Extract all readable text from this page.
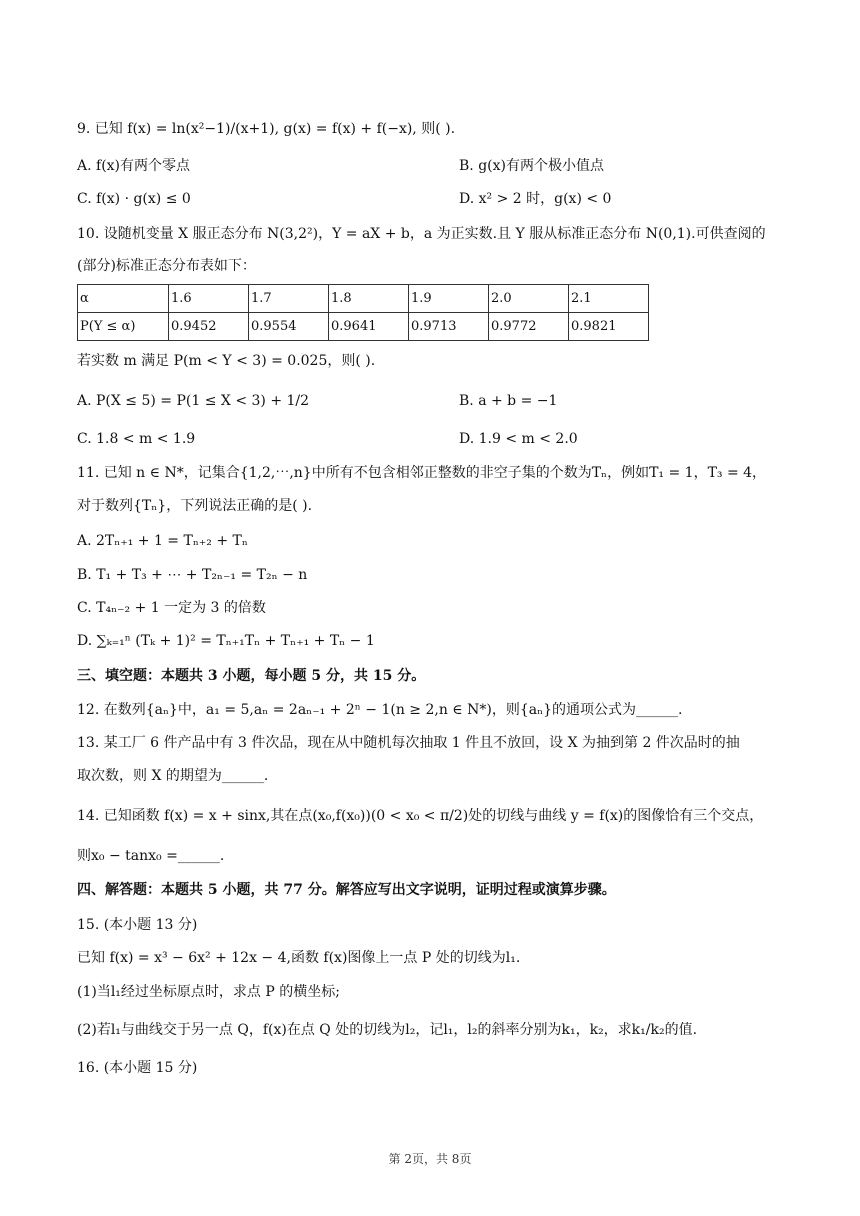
9. 已知 f(x) = ln(x²−1)/(x+1), g(x) = f(x) + f(−x), 则( ).
A. f(x)有两个零点	B. g(x)有两个极小值点
C. f(x) · g(x) ≤ 0	D. x² > 2 时，g(x) < 0
10. 设随机变量 X 服正态分布 N(3,2²)，Y = aX + b，a 为正实数.且 Y 服从标准正态分布 N(0,1).可供查阅的
(部分)标准正态分布表如下：
α	1.6	1.7	1.8	1.9	2.0	2.1
P(Y ≤ α)	0.9452	0.9554	0.9641	0.9713	0.9772	0.9821
若实数 m 满足 P(m < Y < 3) = 0.025，则( ).
A. P(X ≤ 5) = P(1 ≤ X < 3) + 1/2	B. a + b = −1
C. 1.8 < m < 1.9	D. 1.9 < m < 2.0
11. 已知 n ∈ N*，记集合{1,2,⋯,n}中所有不包含相邻正整数的非空子集的个数为Tₙ，例如T₁ = 1，T₃ = 4，
对于数列{Tₙ}，下列说法正确的是( ).
A. 2Tₙ₊₁ + 1 = Tₙ₊₂ + Tₙ
B. T₁ + T₃ + ⋯ + T₂ₙ₋₁ = T₂ₙ − n
C. T₄ₙ₋₂ + 1 一定为 3 的倍数
D. ∑ₖ₌₁ⁿ (Tₖ + 1)² = Tₙ₊₁Tₙ + Tₙ₊₁ + Tₙ − 1
三、填空题：本题共 3 小题，每小题 5 分，共 15 分。
12. 在数列{aₙ}中，a₁ = 5,aₙ = 2aₙ₋₁ + 2ⁿ − 1(n ≥ 2,n ∈ N*)，则{aₙ}的通项公式为______.
13. 某工厂 6 件产品中有 3 件次品，现在从中随机每次抽取 1 件且不放回，设 X 为抽到第 2 件次品时的抽
取次数，则 X 的期望为______.
14. 已知函数 f(x) = x + sinx,其在点(x₀,f(x₀))(0 < x₀ < π/2)处的切线与曲线 y = f(x)的图像恰有三个交点，
则x₀ − tanx₀ =______.
四、解答题：本题共 5 小题，共 77 分。解答应写出文字说明，证明过程或演算步骤。
15. (本小题 13 分)
已知 f(x) = x³ − 6x² + 12x − 4,函数 f(x)图像上一点 P 处的切线为l₁.
(1)当l₁经过坐标原点时，求点 P 的横坐标;
(2)若l₁与曲线交于另一点 Q，f(x)在点 Q 处的切线为l₂，记l₁，l₂的斜率分别为k₁，k₂，求k₁/k₂的值.
16. (本小题 15 分)
第 2页，共 8页
